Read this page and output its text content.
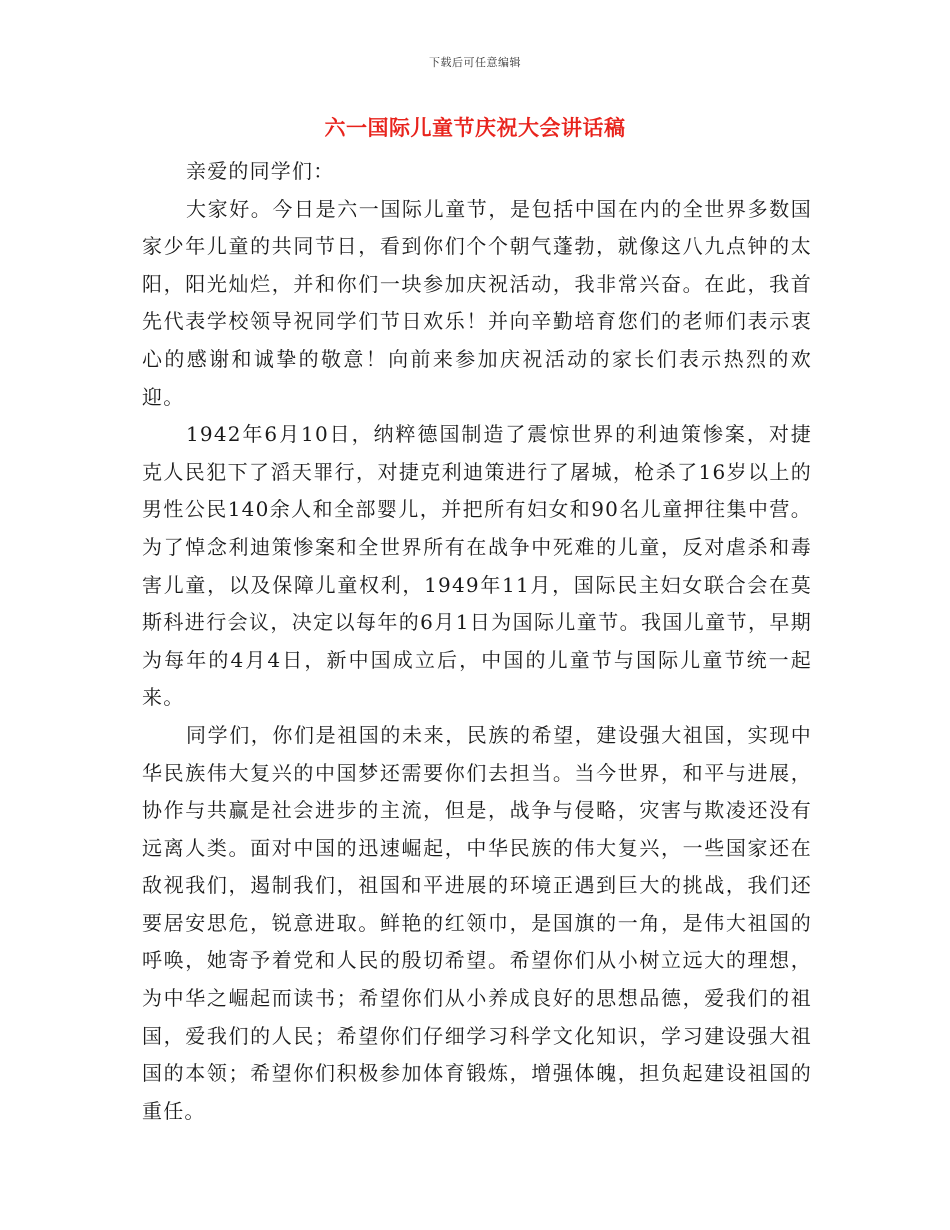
下载后可任意编辑
六一国际儿童节庆祝大会讲话稿

亲爱的同学们：

大家好。今日是六一国际儿童节，是包括中国在内的全世界多数国家少年儿童的共同节日，看到你们个个朝气蓬勃，就像这八九点钟的太阳，阳光灿烂，并和你们一块参加庆祝活动，我非常兴奋。在此，我首先代表学校领导祝同学们节日欢乐！并向辛勤培育您们的老师们表示衷心的感谢和诚挚的敬意！向前来参加庆祝活动的家长们表示热烈的欢迎。

1942年6月10日，纳粹德国制造了震惊世界的利迪策惨案，对捷克人民犯下了滔天罪行，对捷克利迪策进行了屠城，枪杀了16岁以上的男性公民140余人和全部婴儿，并把所有妇女和90名儿童押往集中营。为了悼念利迪策惨案和全世界所有在战争中死难的儿童，反对虐杀和毒害儿童，以及保障儿童权利，1949年11月，国际民主妇女联合会在莫斯科进行会议，决定以每年的6月1日为国际儿童节。我国儿童节，早期为每年的4月4日，新中国成立后，中国的儿童节与国际儿童节统一起来。

同学们，你们是祖国的未来，民族的希望，建设强大祖国，实现中华民族伟大复兴的中国梦还需要你们去担当。当今世界，和平与进展，协作与共赢是社会进步的主流，但是，战争与侵略，灾害与欺凌还没有远离人类。面对中国的迅速崛起，中华民族的伟大复兴，一些国家还在敌视我们，遏制我们，祖国和平进展的环境正遇到巨大的挑战，我们还要居安思危，锐意进取。鲜艳的红领巾，是国旗的一角，是伟大祖国的呼唤，她寄予着党和人民的殷切希望。希望你们从小树立远大的理想，为中华之崛起而读书；希望你们从小养成良好的思想品德，爱我们的祖国，爱我们的人民；希望你们仔细学习科学文化知识，学习建设强大祖国的本领；希望你们积极参加体育锻炼，增强体魄，担负起建设祖国的重任。
